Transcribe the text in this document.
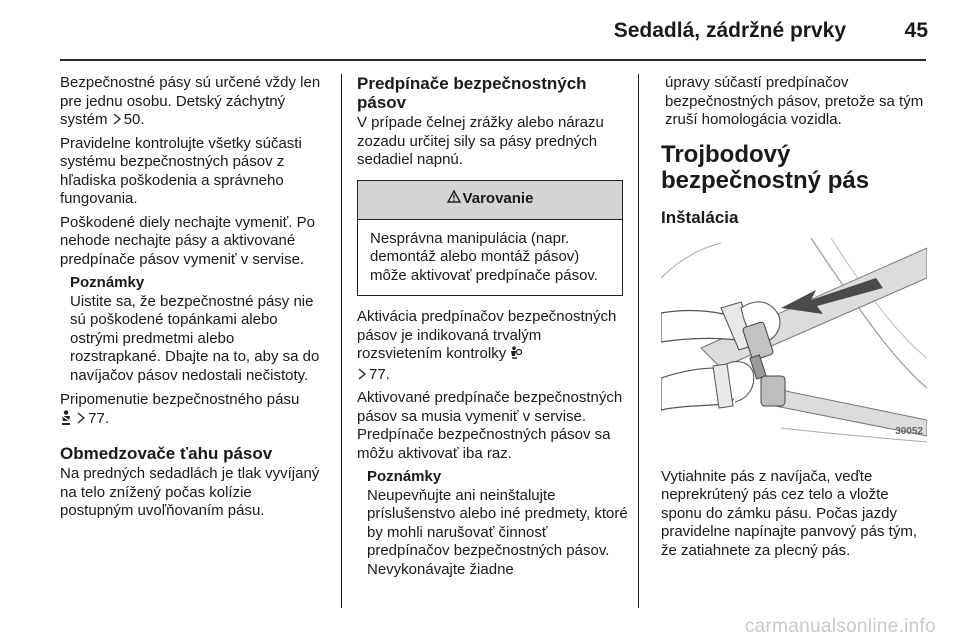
Sedadlá, zádržné prvky	45

Bezpečnostné pásy sú určené vždy len pre jednu osobu. Detský záchytný systém 50.

Pravidelne kontrolujte všetky súčasti systému bezpečnostných pásov z hľadiska poškodenia a správneho fungovania.

Poškodené diely nechajte vymeniť. Po nehode nechajte pásy a aktivované predpínače pásov vymeniť v servise.

Poznámky
Uistite sa, že bezpečnostné pásy nie sú poškodené topánkami alebo ostrými predmetmi alebo rozstrapkané. Dbajte na to, aby sa do navíjačov pásov nedostali nečistoty.

Pripomenutie bezpečnostného pásu
77.

Obmedzovače ťahu pásov

Na predných sedadlách je tlak vyvíjaný na telo znížený počas kolízie postupným uvoľňovaním pásu.

Predpínače bezpečnostných pásov

V prípade čelnej zrážky alebo nárazu zozadu určitej sily sa pásy predných sedadiel napnú.

Varovanie
Nesprávna manipulácia (napr. demontáž alebo montáž pásov) môže aktivovať predpínače pásov.

Aktivácia predpínačov bezpečnostných pásov je indikovaná trvalým rozsvietením kontrolky
77.

Aktivované predpínače bezpečnostných pásov sa musia vymeniť v servise. Predpínače bezpečnostných pásov sa môžu aktivovať iba raz.

Poznámky
Neupevňujte ani neinštalujte príslušenstvo alebo iné predmety, ktoré by mohli narušovať činnosť predpínačov bezpečnostných pásov. Nevykonávajte žiadne

úpravy súčastí predpínačov bezpečnostných pásov, pretože sa tým zruší homologácia vozidla.

Trojbodový bezpečnostný pás
Inštalácia
30052

Vytiahnite pás z navíjača, veďte neprekrútený pás cez telo a vložte sponu do zámku pásu. Počas jazdy pravidelne napínajte panvový pás tým, že zatiahnete za plecný pás.

carmanualsonline.info
